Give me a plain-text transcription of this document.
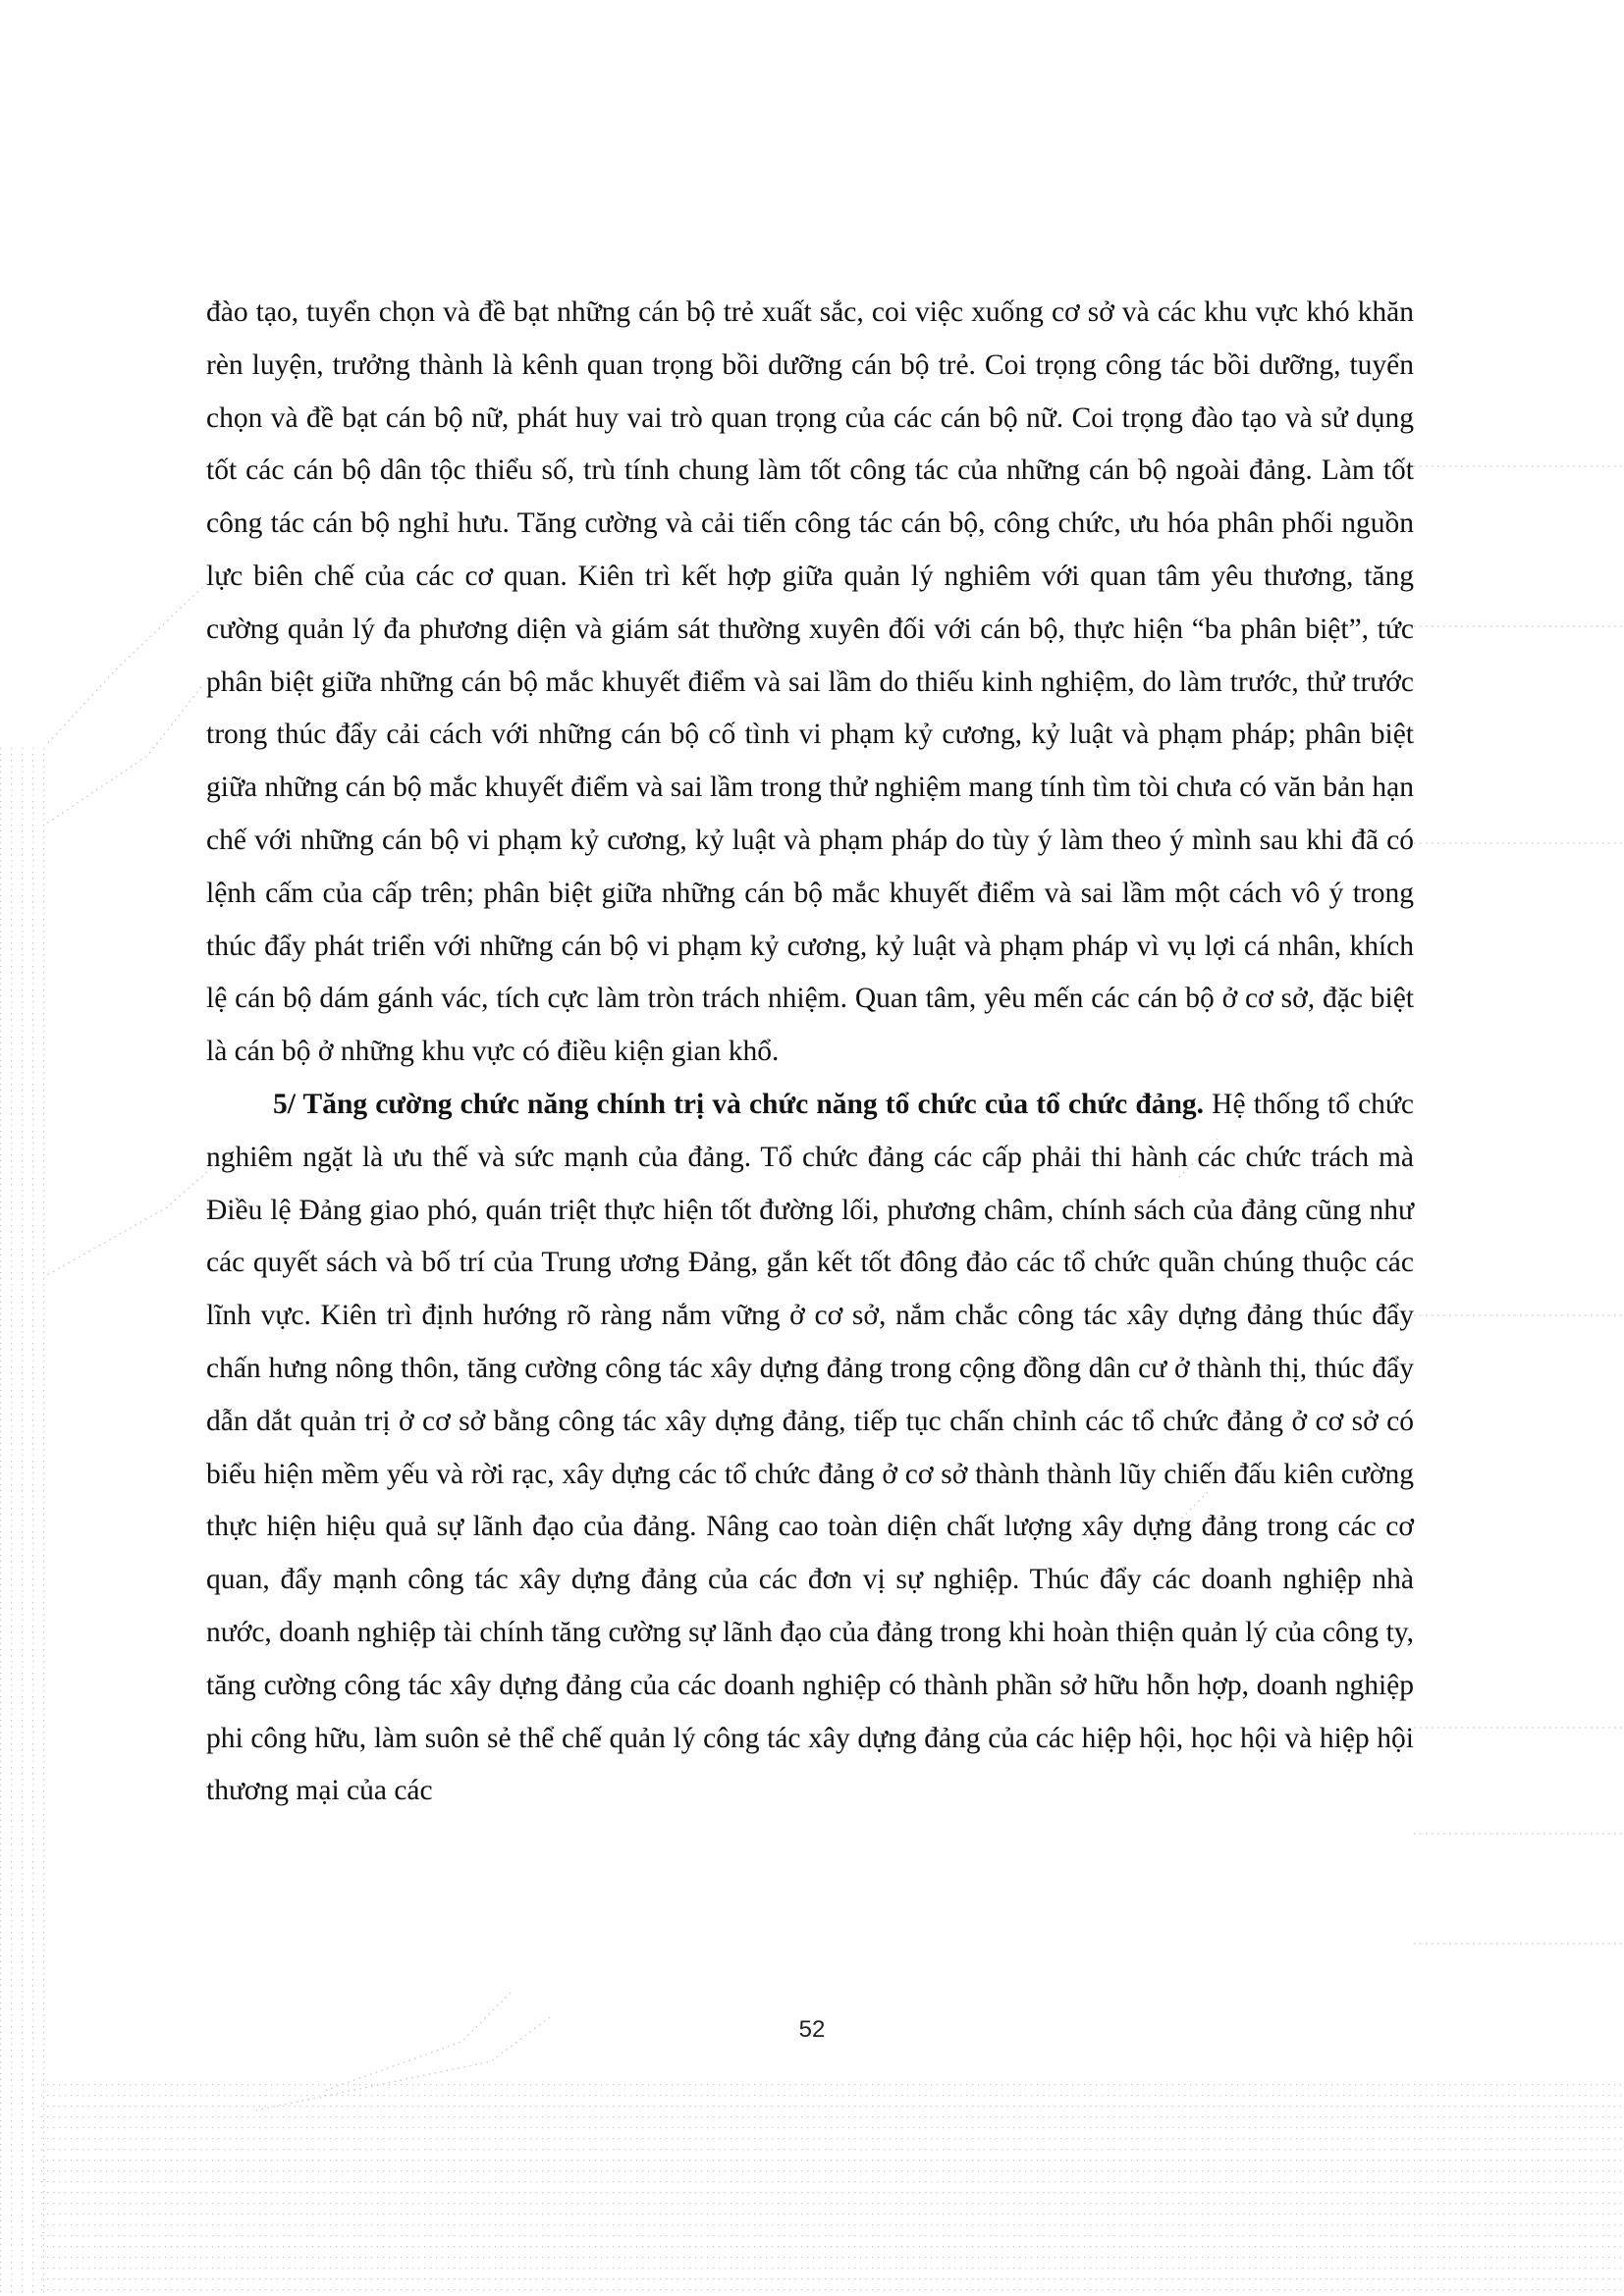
đào tạo, tuyển chọn và đề bạt những cán bộ trẻ xuất sắc, coi việc xuống cơ sở và các khu vực khó khăn rèn luyện, trưởng thành là kênh quan trọng bồi dưỡng cán bộ trẻ. Coi trọng công tác bồi dưỡng, tuyển chọn và đề bạt cán bộ nữ, phát huy vai trò quan trọng của các cán bộ nữ. Coi trọng đào tạo và sử dụng tốt các cán bộ dân tộc thiểu số, trù tính chung làm tốt công tác của những cán bộ ngoài đảng. Làm tốt công tác cán bộ nghỉ hưu. Tăng cường và cải tiến công tác cán bộ, công chức, ưu hóa phân phối nguồn lực biên chế của các cơ quan. Kiên trì kết hợp giữa quản lý nghiêm với quan tâm yêu thương, tăng cường quản lý đa phương diện và giám sát thường xuyên đối với cán bộ, thực hiện “ba phân biệt”, tức phân biệt giữa những cán bộ mắc khuyết điểm và sai lầm do thiếu kinh nghiệm, do làm trước, thử trước trong thúc đẩy cải cách với những cán bộ cố tình vi phạm kỷ cương, kỷ luật và phạm pháp; phân biệt giữa những cán bộ mắc khuyết điểm và sai lầm trong thử nghiệm mang tính tìm tòi chưa có văn bản hạn chế với những cán bộ vi phạm kỷ cương, kỷ luật và phạm pháp do tùy ý làm theo ý mình sau khi đã có lệnh cấm của cấp trên; phân biệt giữa những cán bộ mắc khuyết điểm và sai lầm một cách vô ý trong thúc đẩy phát triển với những cán bộ vi phạm kỷ cương, kỷ luật và phạm pháp vì vụ lợi cá nhân, khích lệ cán bộ dám gánh vác, tích cực làm tròn trách nhiệm. Quan tâm, yêu mến các cán bộ ở cơ sở, đặc biệt là cán bộ ở những khu vực có điều kiện gian khổ.

5/ Tăng cường chức năng chính trị và chức năng tổ chức của tổ chức đảng. Hệ thống tổ chức nghiêm ngặt là ưu thế và sức mạnh của đảng. Tổ chức đảng các cấp phải thi hành các chức trách mà Điều lệ Đảng giao phó, quán triệt thực hiện tốt đường lối, phương châm, chính sách của đảng cũng như các quyết sách và bố trí của Trung ương Đảng, gắn kết tốt đông đảo các tổ chức quần chúng thuộc các lĩnh vực. Kiên trì định hướng rõ ràng nắm vững ở cơ sở, nắm chắc công tác xây dựng đảng thúc đẩy chấn hưng nông thôn, tăng cường công tác xây dựng đảng trong cộng đồng dân cư ở thành thị, thúc đẩy dẫn dắt quản trị ở cơ sở bằng công tác xây dựng đảng, tiếp tục chấn chỉnh các tổ chức đảng ở cơ sở có biểu hiện mềm yếu và rời rạc, xây dựng các tổ chức đảng ở cơ sở thành thành lũy chiến đấu kiên cường thực hiện hiệu quả sự lãnh đạo của đảng. Nâng cao toàn diện chất lượng xây dựng đảng trong các cơ quan, đẩy mạnh công tác xây dựng đảng của các đơn vị sự nghiệp. Thúc đẩy các doanh nghiệp nhà nước, doanh nghiệp tài chính tăng cường sự lãnh đạo của đảng trong khi hoàn thiện quản lý của công ty, tăng cường công tác xây dựng đảng của các doanh nghiệp có thành phần sở hữu hỗn hợp, doanh nghiệp phi công hữu, làm suôn sẻ thể chế quản lý công tác xây dựng đảng của các hiệp hội, học hội và hiệp hội thương mại của các

52
